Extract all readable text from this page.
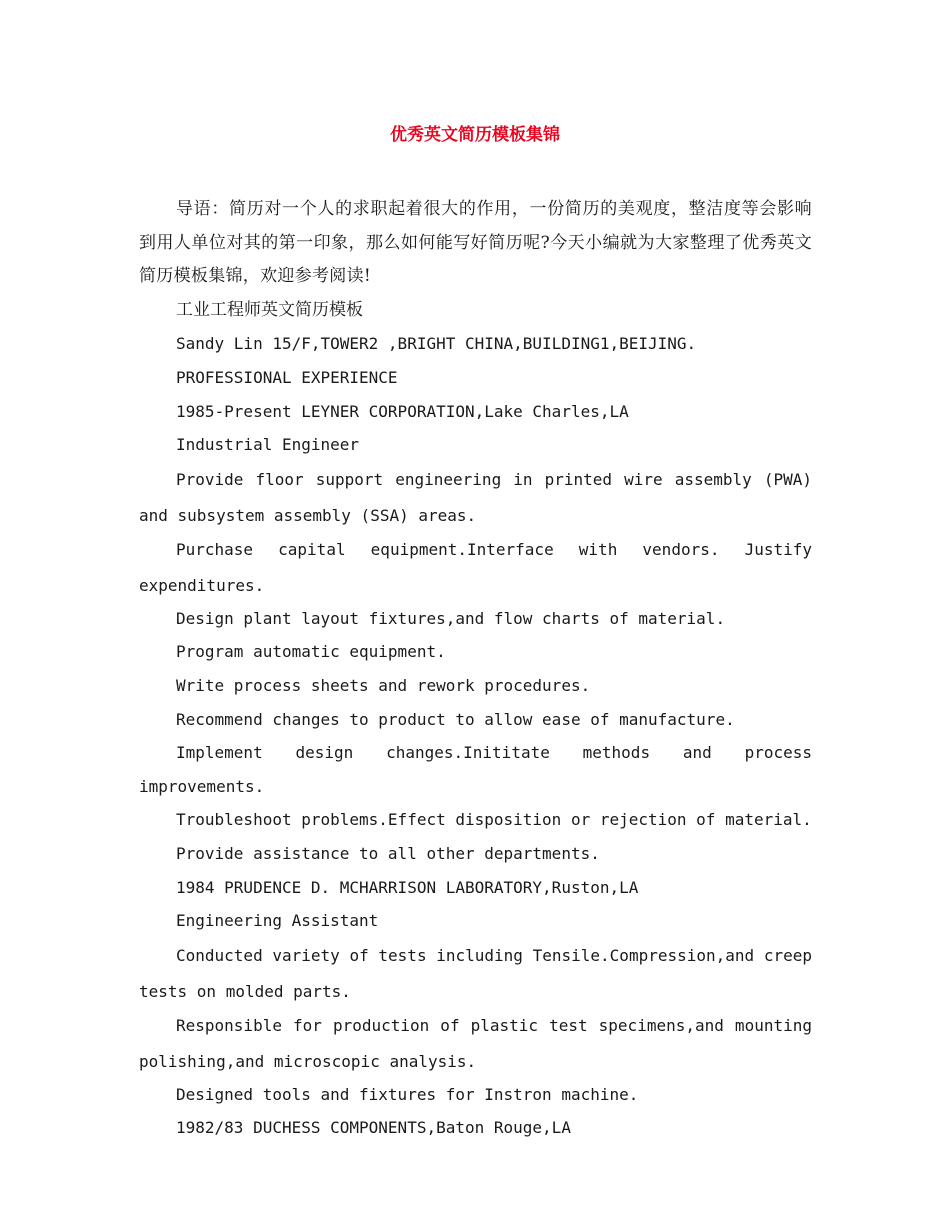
优秀英文简历模板集锦

导语：简历对一个人的求职起着很大的作用，一份简历的美观度，整洁度等会影响到用人单位对其的第一印象，那么如何能写好简历呢?今天小编就为大家整理了优秀英文简历模板集锦，欢迎参考阅读!

工业工程师英文简历模板

Sandy Lin 15/F,TOWER2 ,BRIGHT CHINA,BUILDING1,BEIJING.

PROFESSIONAL EXPERIENCE

1985-Present LEYNER CORPORATION,Lake Charles,LA

Industrial Engineer

Provide floor support engineering in printed wire assembly (PWA) and subsystem assembly (SSA) areas.

Purchase capital equipment.Interface with vendors. Justify expenditures.

Design plant layout fixtures,and flow charts of material.

Program automatic equipment.

Write process sheets and rework procedures.

Recommend changes to product to allow ease of manufacture.

Implement design changes.Inititate methods and process improvements.

Troubleshoot problems.Effect disposition or rejection of material.

Provide assistance to all other departments.

1984 PRUDENCE D. MCHARRISON LABORATORY,Ruston,LA

Engineering Assistant

Conducted variety of tests including Tensile.Compression,and creep tests on molded parts.

Responsible for production of plastic test specimens,and mounting polishing,and microscopic analysis.

Designed tools and fixtures for Instron machine.

1982/83 DUCHESS COMPONENTS,Baton Rouge,LA
